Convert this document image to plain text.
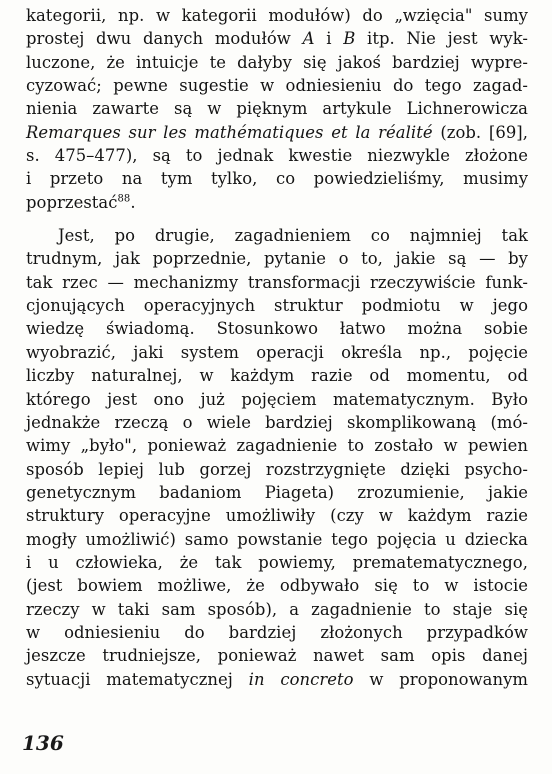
kategorii, np. w kategorii modułów) do „wzięcia" sumy
prostej dwu danych modułów A i B itp. Nie jest wyk-
luczone, że intuicje te dałyby się jakoś bardziej wypre-
cyzować; pewne sugestie w odniesieniu do tego zagad-
nienia zawarte są w pięknym artykule Lichnerowicza
Remarques sur les mathématiques et la réalité (zob. [69],
s. 475–477), są to jednak kwestie niezwykle złożone
i przeto na tym tylko, co powiedzieliśmy, musimy
poprzestać$^{88}$.
Jest, po drugie, zagadnieniem co najmniej tak
trudnym, jak poprzednie, pytanie o to, jakie są — by
tak rzec — mechanizmy transformacji rzeczywiście funk-
cjonujących operacyjnych struktur podmiotu w jego
wiedzę świadomą. Stosunkowo łatwo można sobie
wyobrazić, jaki system operacji określa np., pojęcie
liczby naturalnej, w każdym razie od momentu, od
którego jest ono już pojęciem matematycznym. Było
jednakże rzeczą o wiele bardziej skomplikowaną (mó-
wimy „było", ponieważ zagadnienie to zostało w pewien
sposób lepiej lub gorzej rozstrzygnięte dzięki psycho-
genetycznym badaniom Piageta) zrozumienie, jakie
struktury operacyjne umożliwiły (czy w każdym razie
mogły umożliwić) samo powstanie tego pojęcia u dziecka
i u człowieka, że tak powiemy, prematematycznego,
(jest bowiem możliwe, że odbywało się to w istocie
rzeczy w taki sam sposób), a zagadnienie to staje się
w odniesieniu do bardziej złożonych przypadków
jeszcze trudniejsze, ponieważ nawet sam opis danej
sytuacji matematycznej in concreto w proponowanym
136
